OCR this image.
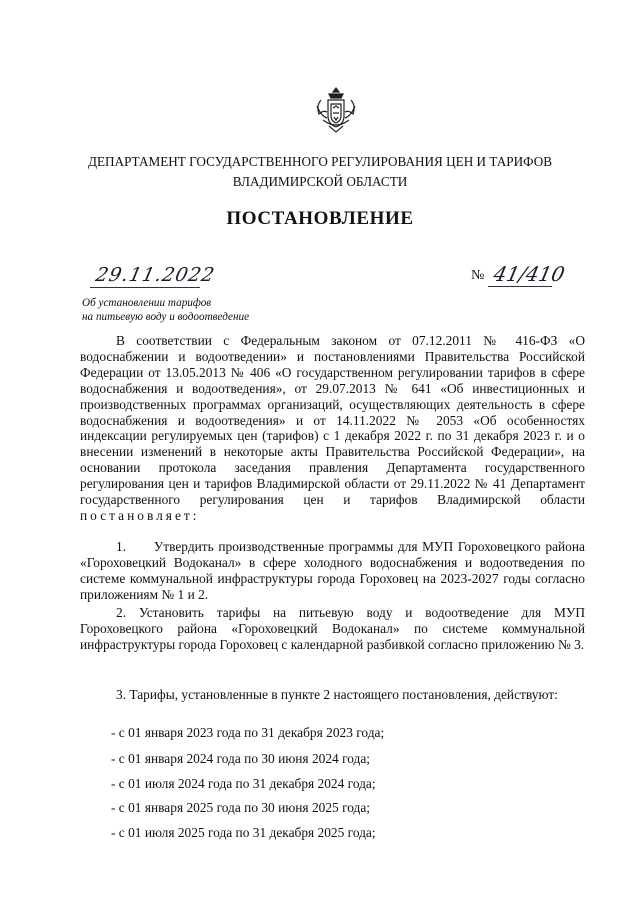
ДЕПАРТАМЕНТ ГОСУДАРСТВЕННОГО РЕГУЛИРОВАНИЯ ЦЕН И ТАРИФОВ
ВЛАДИМИРСКОЙ ОБЛАСТИ
ПОСТАНОВЛЕНИЕ
29.11.2022	№ 41/410
Об установлении тарифов
на питьевую воду и водоотведение
В соответствии с Федеральным законом от 07.12.2011 № 416-ФЗ «О водоснабжении и водоотведении» и постановлениями Правительства Российской Федерации от 13.05.2013 № 406 «О государственном регулировании тарифов в сфере водоснабжения и водоотведения», от 29.07.2013 № 641 «Об инвестиционных и производственных программах организаций, осуществляющих деятельность в сфере водоснабжения и водоотведения» и от 14.11.2022 № 2053 «Об особенностях индексации регулируемых цен (тарифов) с 1 декабря 2022 г. по 31 декабря 2023 г. и о внесении изменений в некоторые акты Правительства Российской Федерации», на основании протокола заседания правления Департамента государственного регулирования цен и тарифов Владимирской области от 29.11.2022 № 41 Департамент государственного регулирования цен и тарифов Владимирской области постановляет:
1.      Утвердить производственные программы для МУП Гороховецкого района «Гороховецкий Водоканал» в сфере холодного водоснабжения и водоотведения по системе коммунальной инфраструктуры города Гороховец на 2023-2027 годы согласно приложениям № 1 и 2.
2. Установить тарифы на питьевую воду и водоотведение для МУП Гороховецкого района «Гороховецкий Водоканал» по системе коммунальной инфраструктуры города Гороховец с календарной разбивкой согласно приложению № 3.
3. Тарифы, установленные в пункте 2 настоящего постановления, действуют:
- с 01 января 2023 года по 31 декабря 2023 года;
- с 01 января 2024 года по 30 июня 2024 года;
- с 01 июля 2024 года по 31 декабря 2024 года;
- с 01 января 2025 года по 30 июня 2025 года;
- с 01 июля 2025 года по 31 декабря 2025 года;
